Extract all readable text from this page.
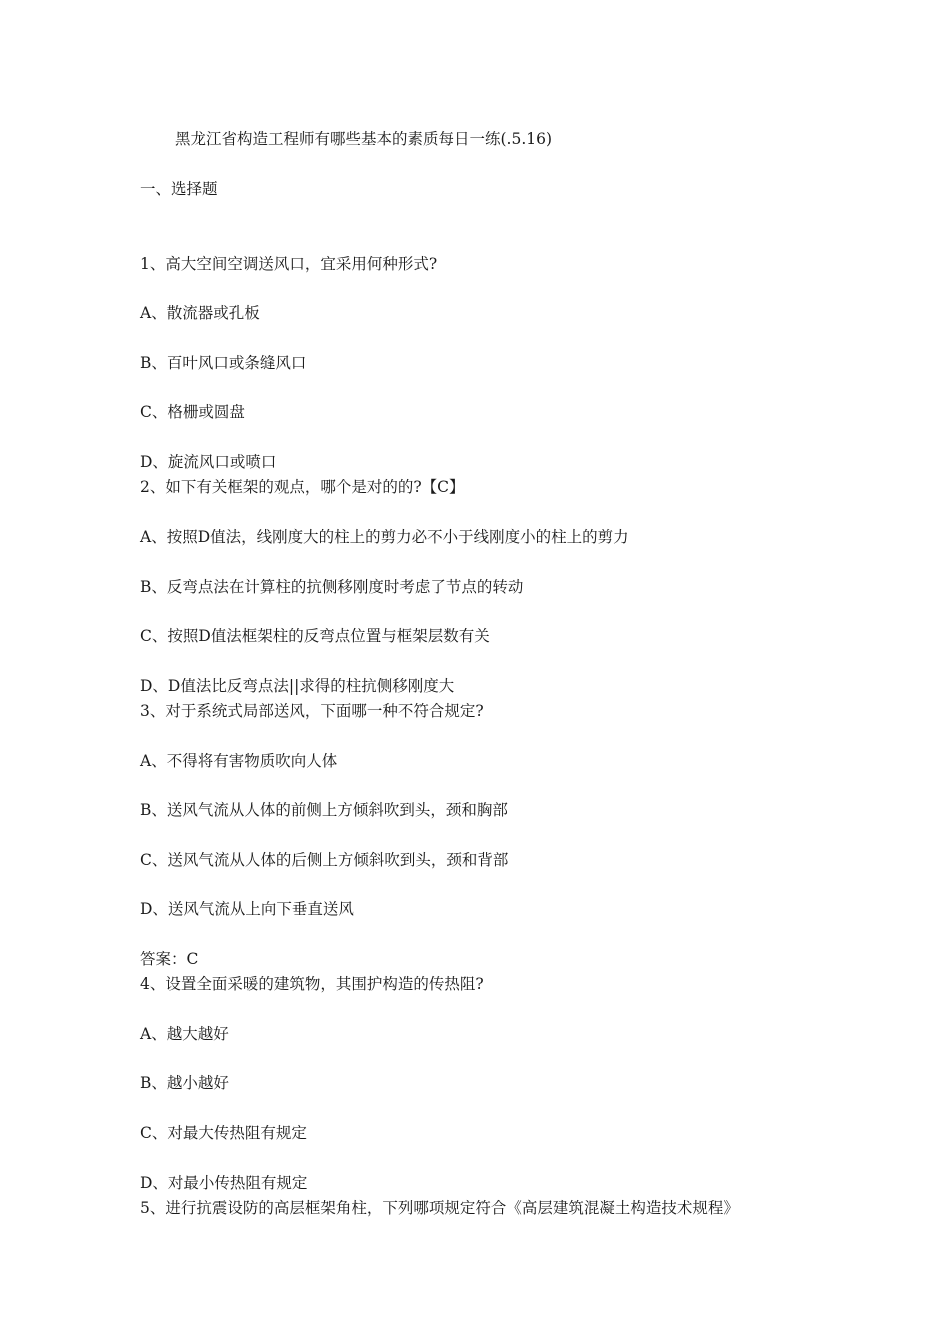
黑龙江省构造工程师有哪些基本的素质每日一练(.5.16)
一、选择题
1、高大空间空调送风口，宜采用何种形式?
A、散流器或孔板
B、百叶风口或条缝风口
C、格栅或圆盘
D、旋流风口或喷口
2、如下有关框架的观点，哪个是对的的?【C】
A、按照D值法，线刚度大的柱上的剪力必不小于线刚度小的柱上的剪力
B、反弯点法在计算柱的抗侧移刚度时考虑了节点的转动
C、按照D值法框架柱的反弯点位置与框架层数有关
D、D值法比反弯点法||求得的柱抗侧移刚度大
3、对于系统式局部送风，下面哪一种不符合规定?
A、不得将有害物质吹向人体
B、送风气流从人体的前侧上方倾斜吹到头，颈和胸部
C、送风气流从人体的后侧上方倾斜吹到头，颈和背部
D、送风气流从上向下垂直送风
答案：C
4、设置全面采暖的建筑物，其围护构造的传热阻?
A、越大越好
B、越小越好
C、对最大传热阻有规定
D、对最小传热阻有规定
5、进行抗震设防的高层框架角柱，下列哪项规定符合《高层建筑混凝土构造技术规程》
